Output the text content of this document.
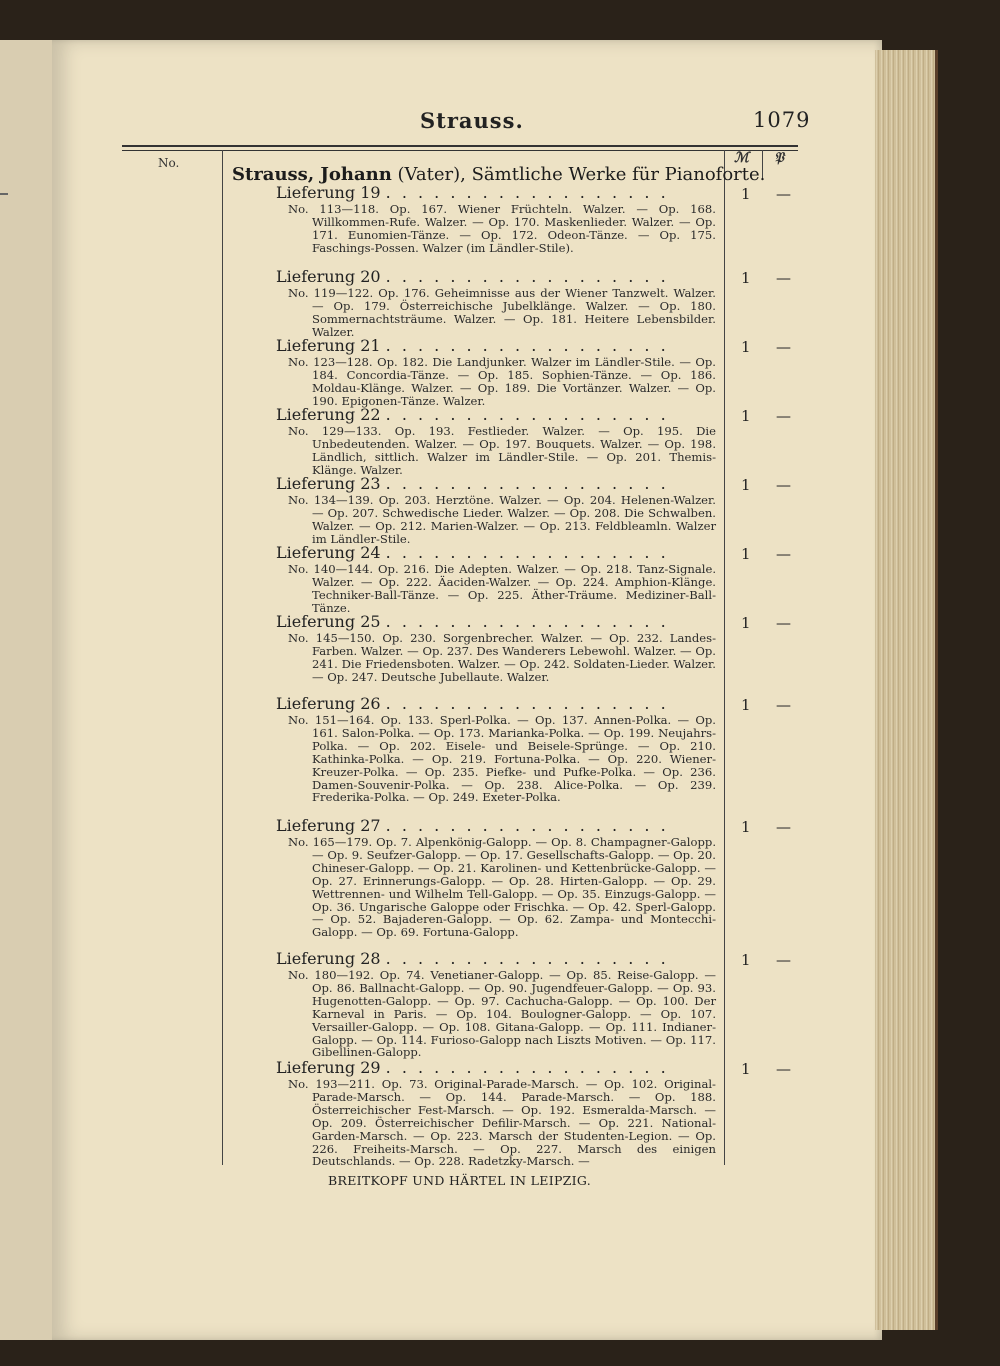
Strauss.	1079
No.	ℳ 𝔓
Strauss, Johann (Vater), Sämtliche Werke für Pianoforte.
Lieferung 19 . . . . . . . . . . . . . . . . . .
No. 113—118. Op. 167. Wiener Früchteln. Walzer. — Op. 168. Willkommen-Rufe. Walzer. — Op. 170. Maskenlieder. Walzer. — Op. 171. Eunomien-Tänze. — Op. 172. Odeon-Tänze. — Op. 175. Faschings-Possen. Walzer (im Ländler-Stile).
Lieferung 20 . . . . . . . . . . . . . . . . . .
No. 119—122. Op. 176. Geheimnisse aus der Wiener Tanzwelt. Walzer. — Op. 179. Österreichische Jubelklänge. Walzer. — Op. 180. Sommernachtsträume. Walzer. — Op. 181. Heitere Lebensbilder. Walzer.
Lieferung 21 . . . . . . . . . . . . . . . . . .
No. 123—128. Op. 182. Die Landjunker. Walzer im Ländler-Stile. — Op. 184. Concordia-Tänze. — Op. 185. Sophien-Tänze. — Op. 186. Moldau-Klänge. Walzer. — Op. 189. Die Vortänzer. Walzer. — Op. 190. Epigonen-Tänze. Walzer.
Lieferung 22 . . . . . . . . . . . . . . . . . .
No. 129—133. Op. 193. Festlieder. Walzer. — Op. 195. Die Unbedeutenden. Walzer. — Op. 197. Bouquets. Walzer. — Op. 198. Ländlich, sittlich. Walzer im Ländler-Stile. — Op. 201. Themis-Klänge. Walzer.
Lieferung 23 . . . . . . . . . . . . . . . . . .
No. 134—139. Op. 203. Herztöne. Walzer. — Op. 204. Helenen-Walzer. — Op. 207. Schwedische Lieder. Walzer. — Op. 208. Die Schwalben. Walzer. — Op. 212. Marien-Walzer. — Op. 213. Feldbleamln. Walzer im Ländler-Stile.
Lieferung 24 . . . . . . . . . . . . . . . . . .
No. 140—144. Op. 216. Die Adepten. Walzer. — Op. 218. Tanz-Signale. Walzer. — Op. 222. Äaciden-Walzer. — Op. 224. Amphion-Klänge. Techniker-Ball-Tänze. — Op. 225. Äther-Träume. Mediziner-Ball-Tänze.
Lieferung 25 . . . . . . . . . . . . . . . . . .
No. 145—150. Op. 230. Sorgenbrecher. Walzer. — Op. 232. Landes-Farben. Walzer. — Op. 237. Des Wanderers Lebewohl. Walzer. — Op. 241. Die Friedensboten. Walzer. — Op. 242. Soldaten-Lieder. Walzer. — Op. 247. Deutsche Jubellaute. Walzer.
Lieferung 26 . . . . . . . . . . . . . . . . . .
No. 151—164. Op. 133. Sperl-Polka. — Op. 137. Annen-Polka. — Op. 161. Salon-Polka. — Op. 173. Marianka-Polka. — Op. 199. Neujahrs-Polka. — Op. 202. Eisele- und Beisele-Sprünge. — Op. 210. Kathinka-Polka. — Op. 219. Fortuna-Polka. — Op. 220. Wiener-Kreuzer-Polka. — Op. 235. Piefke- und Pufke-Polka. — Op. 236. Damen-Souvenir-Polka. — Op. 238. Alice-Polka. — Op. 239. Frederika-Polka. — Op. 249. Exeter-Polka.
Lieferung 27 . . . . . . . . . . . . . . . . . .
No. 165—179. Op. 7. Alpenkönig-Galopp. — Op. 8. Champagner-Galopp. — Op. 9. Seufzer-Galopp. — Op. 17. Gesellschafts-Galopp. — Op. 20. Chineser-Galopp. — Op. 21. Karolinen- und Kettenbrücke-Galopp. — Op. 27. Erinnerungs-Galopp. — Op. 28. Hirten-Galopp. — Op. 29. Wettrennen- und Wilhelm Tell-Galopp. — Op. 35. Einzugs-Galopp. — Op. 36. Ungarische Galoppe oder Frischka. — Op. 42. Sperl-Galopp. — Op. 52. Bajaderen-Galopp. — Op. 62. Zampa- und Montecchi-Galopp. — Op. 69. Fortuna-Galopp.
Lieferung 28 . . . . . . . . . . . . . . . . . .
No. 180—192. Op. 74. Venetianer-Galopp. — Op. 85. Reise-Galopp. — Op. 86. Ballnacht-Galopp. — Op. 90. Jugendfeuer-Galopp. — Op. 93. Hugenotten-Galopp. — Op. 97. Cachucha-Galopp. — Op. 100. Der Karneval in Paris. — Op. 104. Boulogner-Galopp. — Op. 107. Versailler-Galopp. — Op. 108. Gitana-Galopp. — Op. 111. Indianer-Galopp. — Op. 114. Furioso-Galopp nach Liszts Motiven. — Op. 117. Gibellinen-Galopp.
Lieferung 29 . . . . . . . . . . . . . . . . . .
No. 193—211. Op. 73. Original-Parade-Marsch. — Op. 102. Original-Parade-Marsch. — Op. 144. Parade-Marsch. — Op. 188. Österreichischer Fest-Marsch. — Op. 192. Esmeralda-Marsch. — Op. 209. Österreichischer Defilir-Marsch. — Op. 221. National-Garden-Marsch. — Op. 223. Marsch der Studenten-Legion. — Op. 226. Freiheits-Marsch. — Op. 227. Marsch des einigen Deutschlands. — Op. 228. Radetzky-Marsch. —
BREITKOPF UND HÄRTEL IN LEIPZIG.
1 —
1 —
1 —
1 —
1 —
1 —
1 —
1 —
1 —
1 —
1 —
